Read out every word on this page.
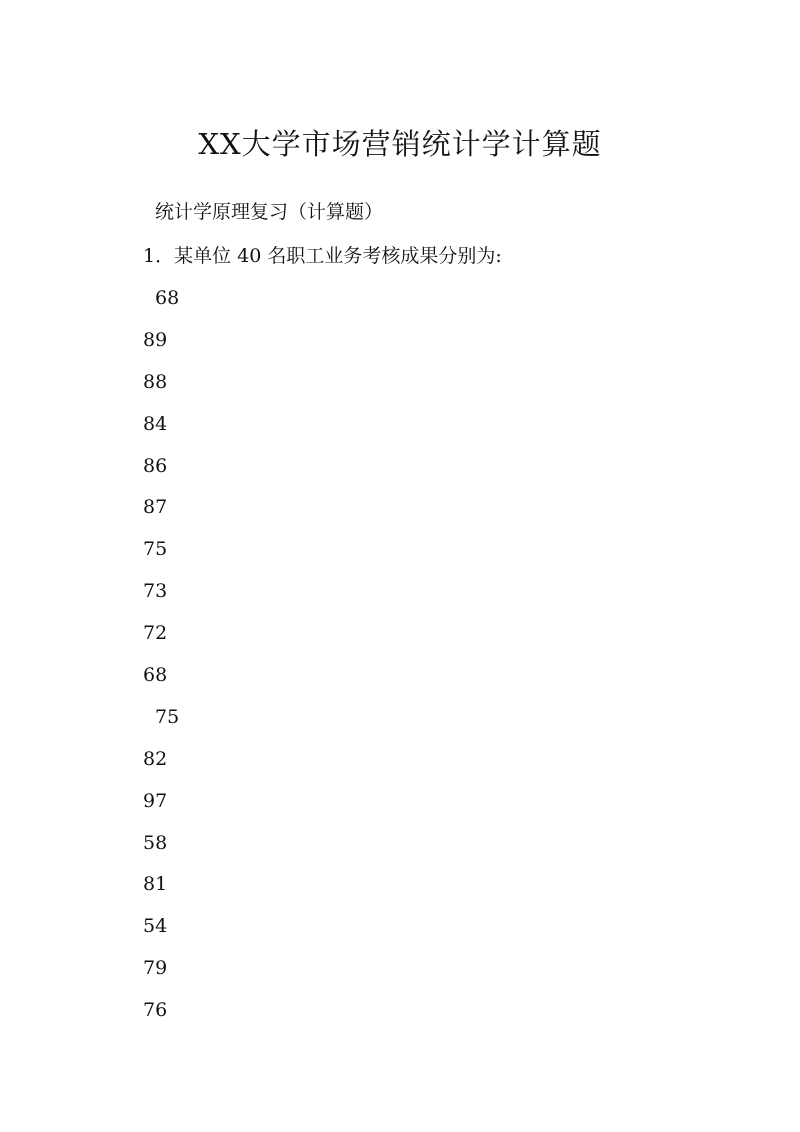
XX大学市场营销统计学计算题
统计学原理复习（计算题）
1．某单位 40 名职工业务考核成果分别为:
68
89
88
84
86
87
75
73
72
68
75
82
97
58
81
54
79
76
